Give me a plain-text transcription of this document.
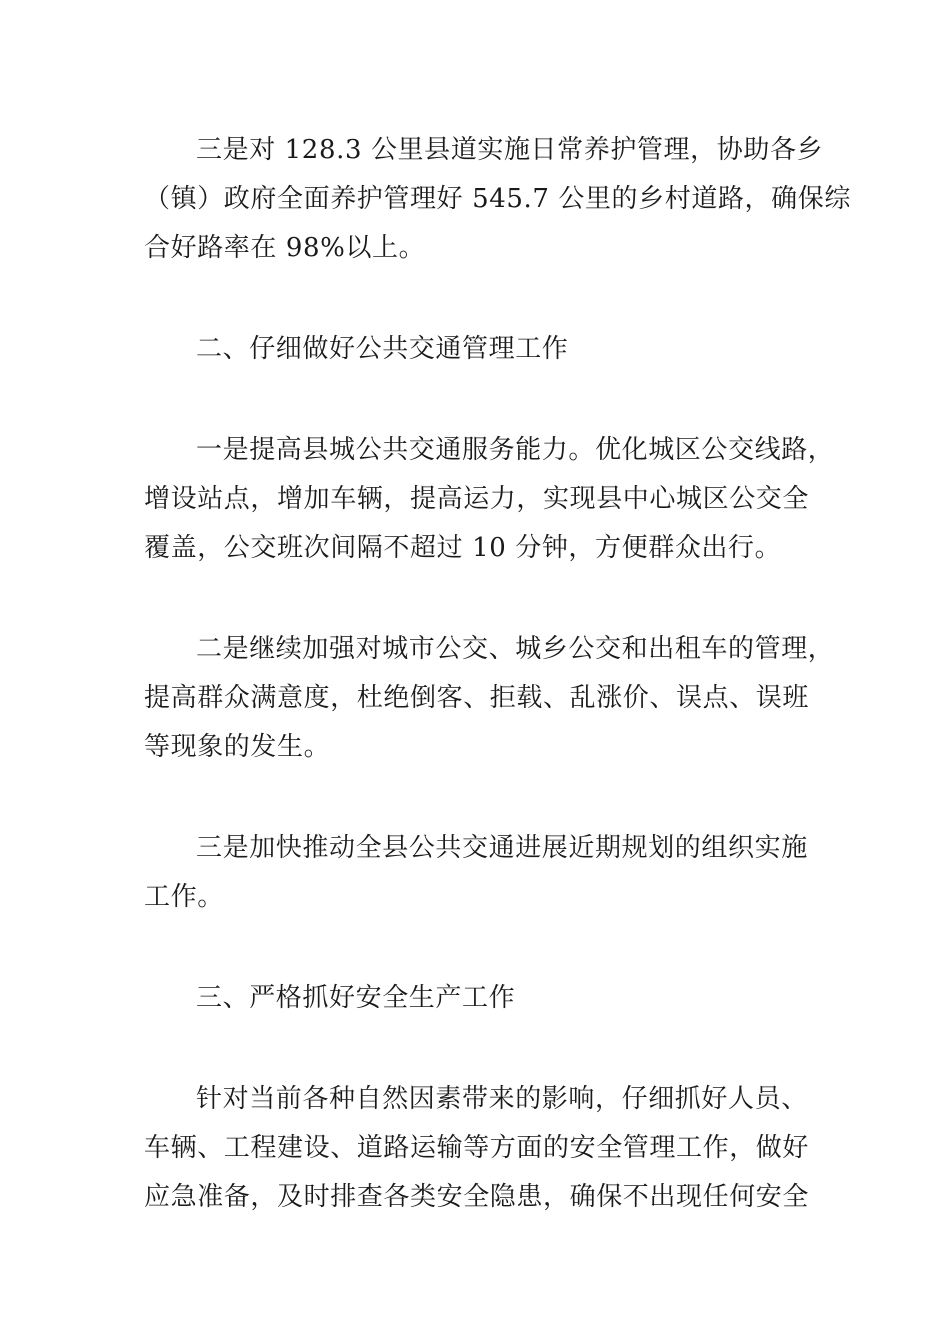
三是对 128.3 公里县道实施日常养护管理，协助各乡
（镇）政府全面养护管理好 545.7 公里的乡村道路，确保综
合好路率在 98%以上。
二、仔细做好公共交通管理工作
一是提高县城公共交通服务能力。优化城区公交线路，
增设站点，增加车辆，提高运力，实现县中心城区公交全
覆盖，公交班次间隔不超过 10 分钟，方便群众出行。
二是继续加强对城市公交、城乡公交和出租车的管理，
提高群众满意度，杜绝倒客、拒载、乱涨价、误点、误班
等现象的发生。
三是加快推动全县公共交通进展近期规划的组织实施
工作。
三、严格抓好安全生产工作
针对当前各种自然因素带来的影响，仔细抓好人员、
车辆、工程建设、道路运输等方面的安全管理工作，做好
应急准备，及时排查各类安全隐患，确保不出现任何安全
